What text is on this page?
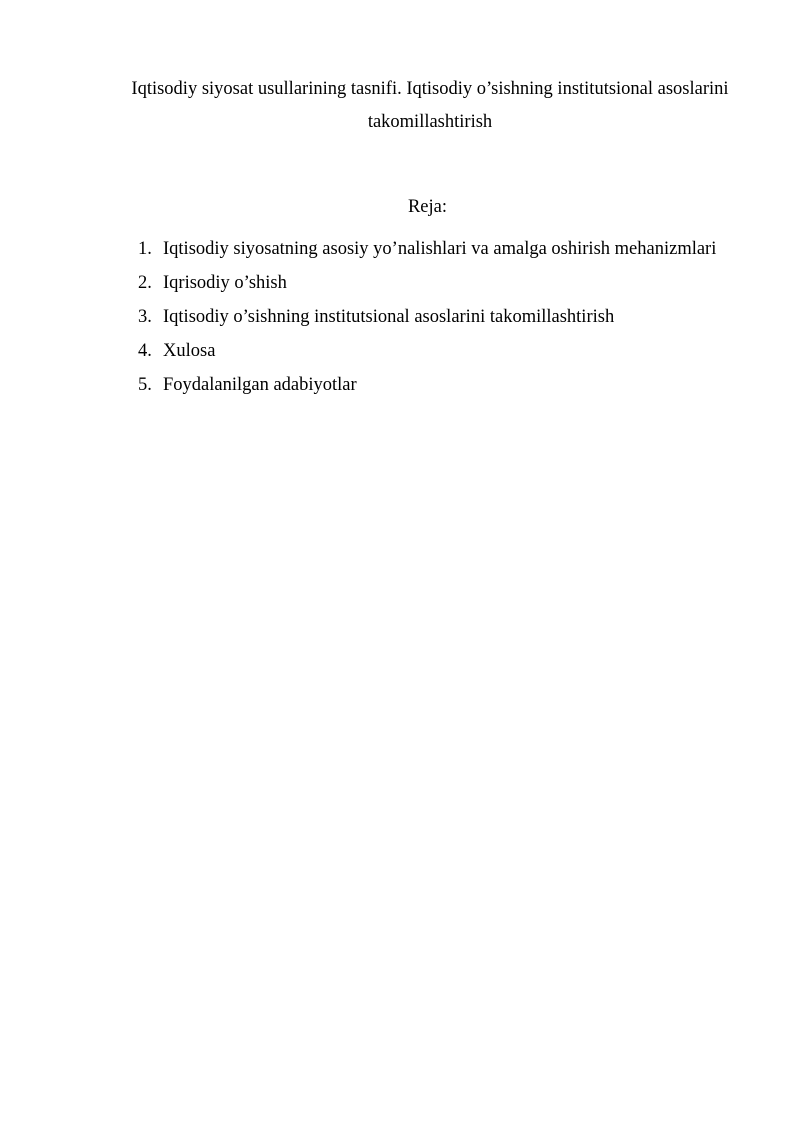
Iqtisodiy siyosat usullarining tasnifi. Iqtisodiy o’sishning institutsional asoslarini
takomillashtirish
Reja:
1. Iqtisodiy siyosatning asosiy yo’nalishlari va amalga oshirish mehanizmlari
2. Iqrisodiy o’shish
3. Iqtisodiy o’sishning institutsional asoslarini takomillashtirish
4. Xulosa
5. Foydalanilgan adabiyotlar
